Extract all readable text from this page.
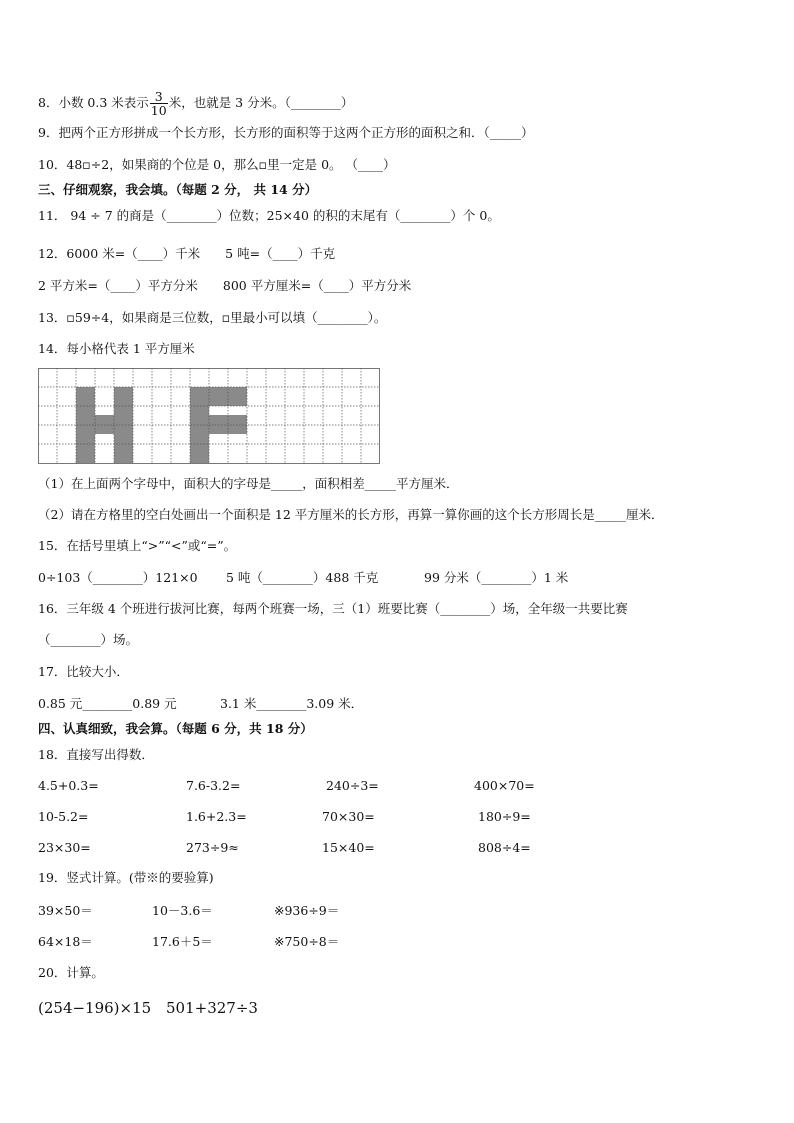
8．小数 0.3 米表示 $\frac{3}{10}$ 米，也就是 3 分米。（________）
9．把两个正方形拼成一个长方形，长方形的面积等于这两个正方形的面积之和．（_____）
10．48▫÷2，如果商的个位是 0，那么▫里一定是 0。 （____）
三、仔细观察，我会填。（每题 2 分， 共 14 分）
11． 94 ÷ 7 的商是（________）位数；25×40 的积的末尾有（________）个 0。
12．6000 米=（____）千米　　5 吨=（____）千克
2 平方米=（____）平方分米　　800 平方厘米=（____）平方分米
13．▫59÷4，如果商是三位数，▫里最小可以填（________）。
14．每小格代表 1 平方厘米
（1）在上面两个字母中，面积大的字母是_____，面积相差_____平方厘米．
（2）请在方格里的空白处画出一个面积是 12 平方厘米的长方形，再算一算你画的这个长方形周长是_____厘米．
15．在括号里填上“>”“<”或“=”。
0÷103（________）121×0 5 吨（________）488 千克	99 分米（________）1 米
16．三年级 4 个班进行拔河比赛，每两个班赛一场，三（1）班要比赛（________）场，全年级一共要比赛
（________）场。
17．比较大小．
0.85 元________0.89 元	3.1 米________3.09 米．
四、认真细致，我会算。（每题 6 分，共 18 分）
18．直接写出得数．
4.5+0.3=	7.6-3.2=	240÷3=	400×70=
10-5.2=	1.6+2.3=	70×30=	180÷9=
23×30=	273÷9≈	15×40=	808÷4=
19．竖式计算。(带※的要验算)
39×50＝	10－3.6＝	※936÷9＝
64×18＝	17.6＋5＝	※750÷8＝
20．计算。
(254−196)×15 501+327÷3
